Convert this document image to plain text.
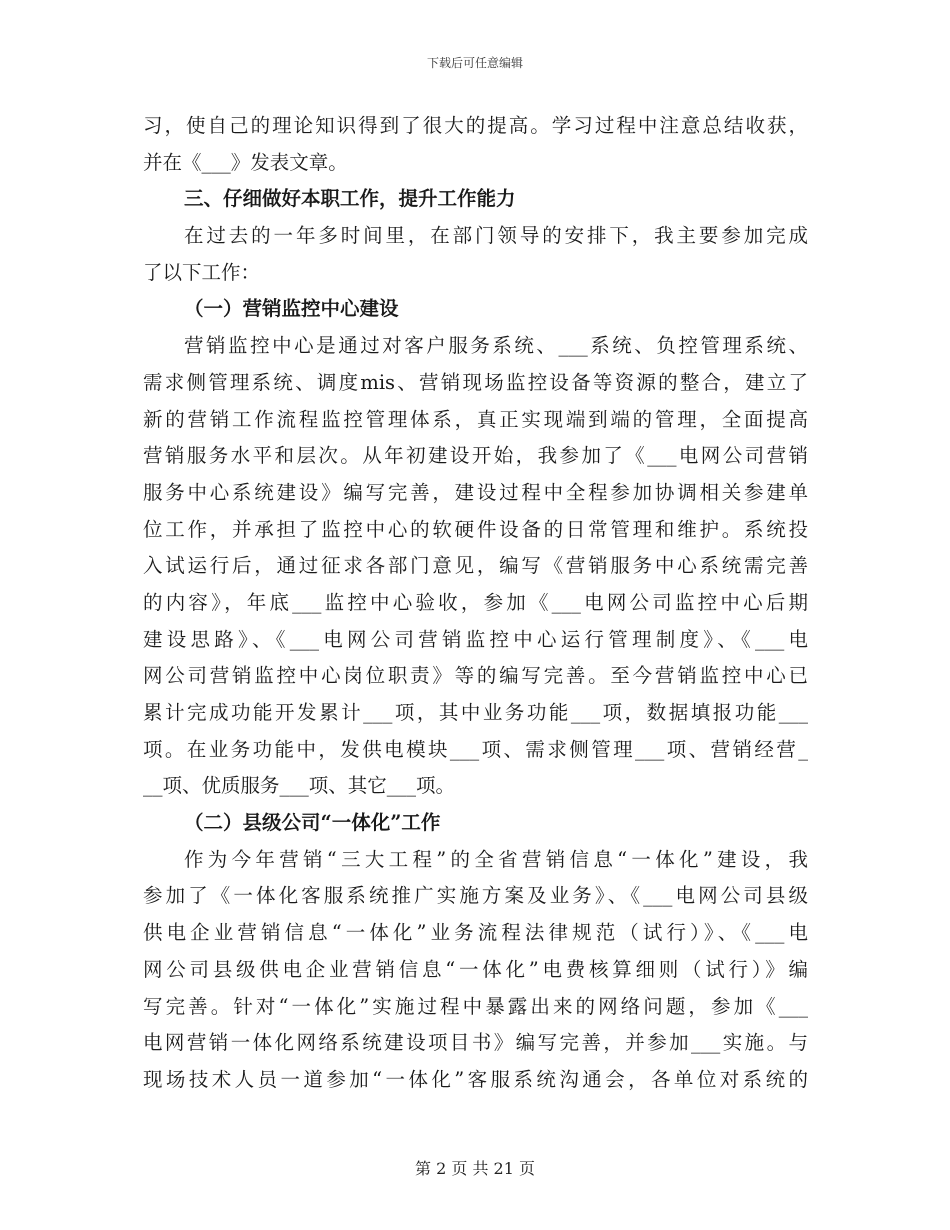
下载后可任意编辑
习，使自己的理论知识得到了很大的提高。学习过程中注意总结收获，
并在《___》发表文章。
三、仔细做好本职工作，提升工作能力
在过去的一年多时间里，在部门领导的安排下，我主要参加完成
了以下工作：
（一）营销监控中心建设
营销监控中心是通过对客户服务系统、___系统、负控管理系统、
需求侧管理系统、调度mis、营销现场监控设备等资源的整合，建立了
新的营销工作流程监控管理体系，真正实现端到端的管理，全面提高
营销服务水平和层次。从年初建设开始，我参加了《___电网公司营销
服务中心系统建设》编写完善，建设过程中全程参加协调相关参建单
位工作，并承担了监控中心的软硬件设备的日常管理和维护。系统投
入试运行后，通过征求各部门意见，编写《营销服务中心系统需完善
的内容》，年底___监控中心验收，参加《___电网公司监控中心后期
建设思路》、《___电网公司营销监控中心运行管理制度》、《___电
网公司营销监控中心岗位职责》等的编写完善。至今营销监控中心已
累计完成功能开发累计___项，其中业务功能___项，数据填报功能___
项。在业务功能中，发供电模块___项、需求侧管理___项、营销经营_
__项、优质服务___项、其它___项。
（二）县级公司“一体化”工作
作为今年营销“三大工程”的全省营销信息“一体化”建设，我
参加了《一体化客服系统推广实施方案及业务》、《___电网公司县级
供电企业营销信息“一体化”业务流程法律规范（试行）》、《___电
网公司县级供电企业营销信息“一体化”电费核算细则（试行）》编
写完善。针对“一体化”实施过程中暴露出来的网络问题，参加《___
电网营销一体化网络系统建设项目书》编写完善，并参加___实施。与
现场技术人员一道参加“一体化”客服系统沟通会，各单位对系统的
第 2 页 共 21 页
